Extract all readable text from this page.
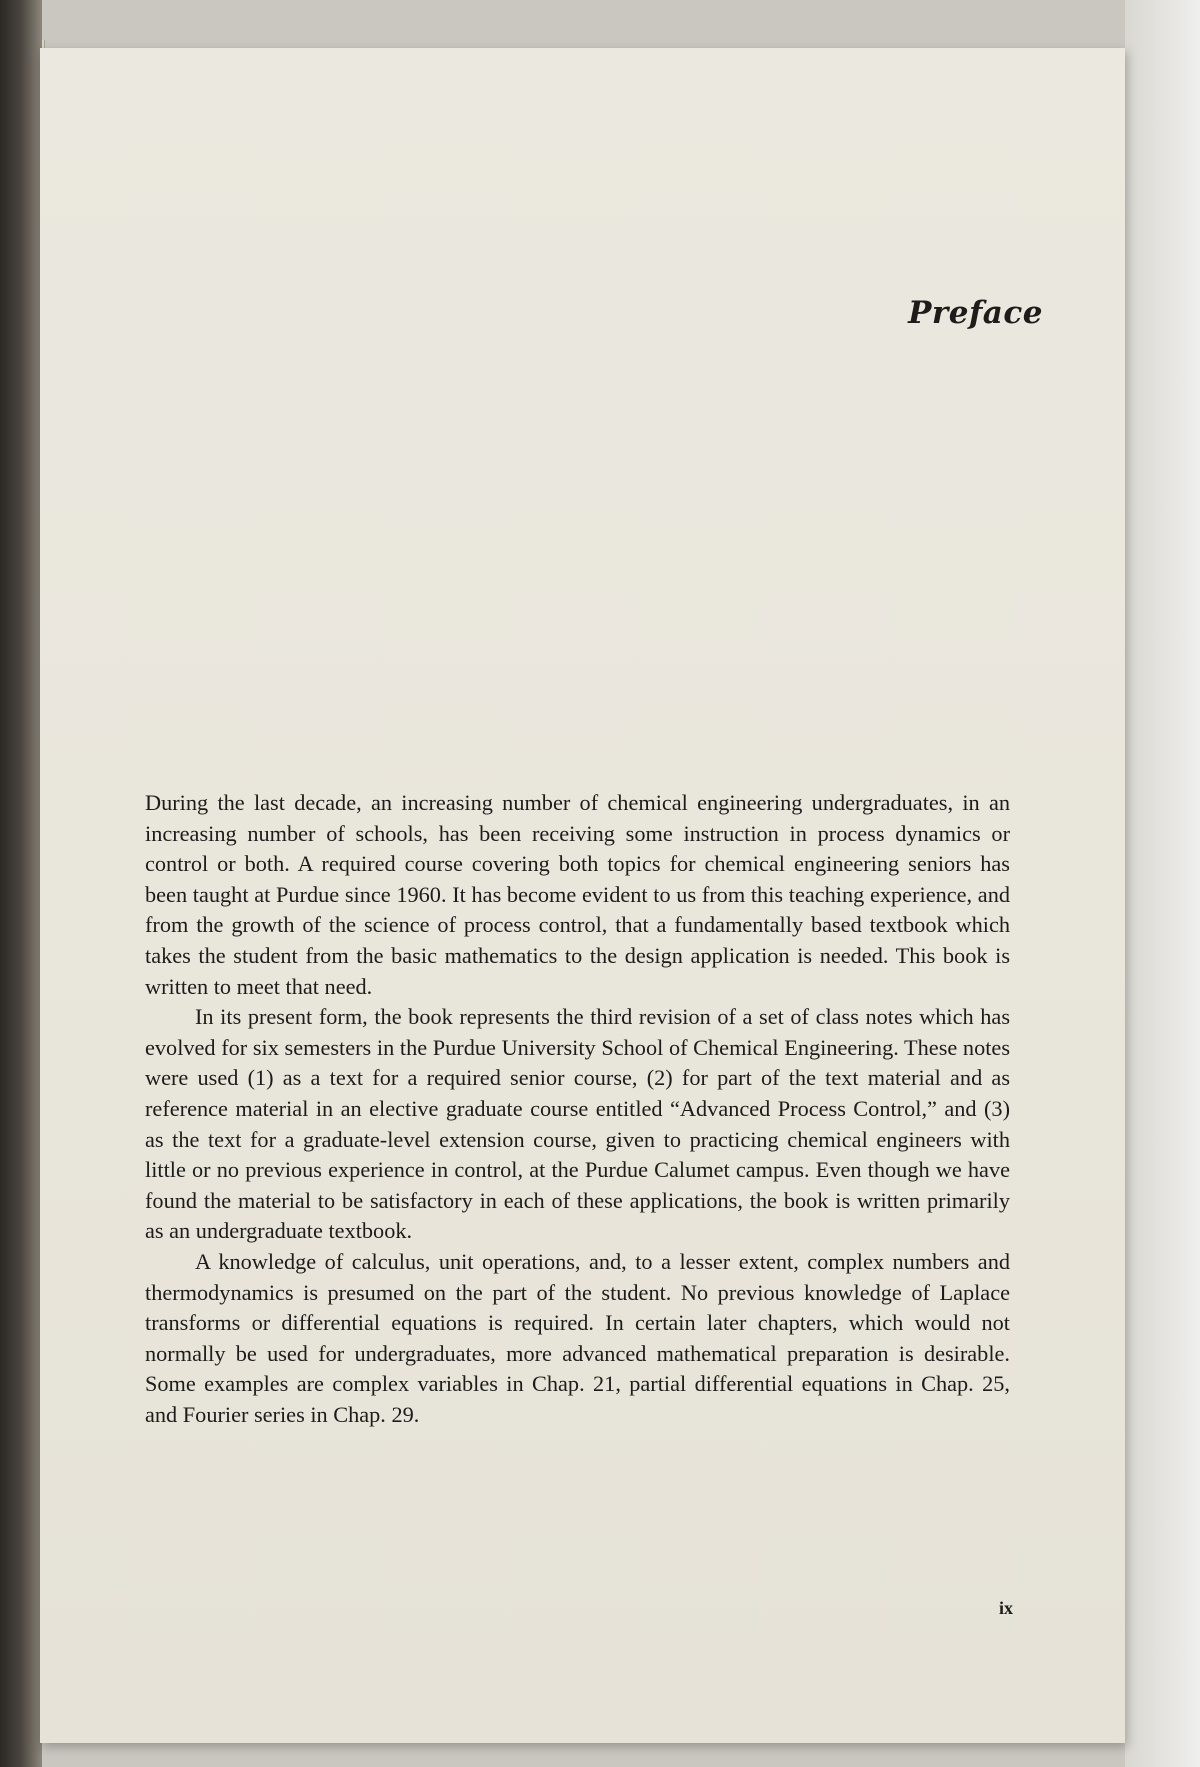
Preface

During the last decade, an increasing number of chemical engineering undergraduates, in an increasing number of schools, has been receiving some instruction in process dynamics or control or both. A required course covering both topics for chemical engineering seniors has been taught at Purdue since 1960. It has become evident to us from this teaching experience, and from the growth of the science of process control, that a fundamentally based textbook which takes the student from the basic mathematics to the design application is needed. This book is written to meet that need.

In its present form, the book represents the third revision of a set of class notes which has evolved for six semesters in the Purdue University School of Chemical Engineering. These notes were used (1) as a text for a required senior course, (2) for part of the text material and as reference material in an elective graduate course entitled “Advanced Process Control,” and (3) as the text for a graduate-level extension course, given to practicing chemical engineers with little or no previous experience in control, at the Purdue Calumet campus. Even though we have found the material to be satisfactory in each of these applications, the book is written primarily as an undergraduate textbook.

A knowledge of calculus, unit operations, and, to a lesser extent, complex numbers and thermodynamics is presumed on the part of the student. No previous knowledge of Laplace transforms or differential equations is required. In certain later chapters, which would not normally be used for undergraduates, more advanced mathematical preparation is desirable. Some examples are complex variables in Chap. 21, partial differential equations in Chap. 25, and Fourier series in Chap. 29.

ix
